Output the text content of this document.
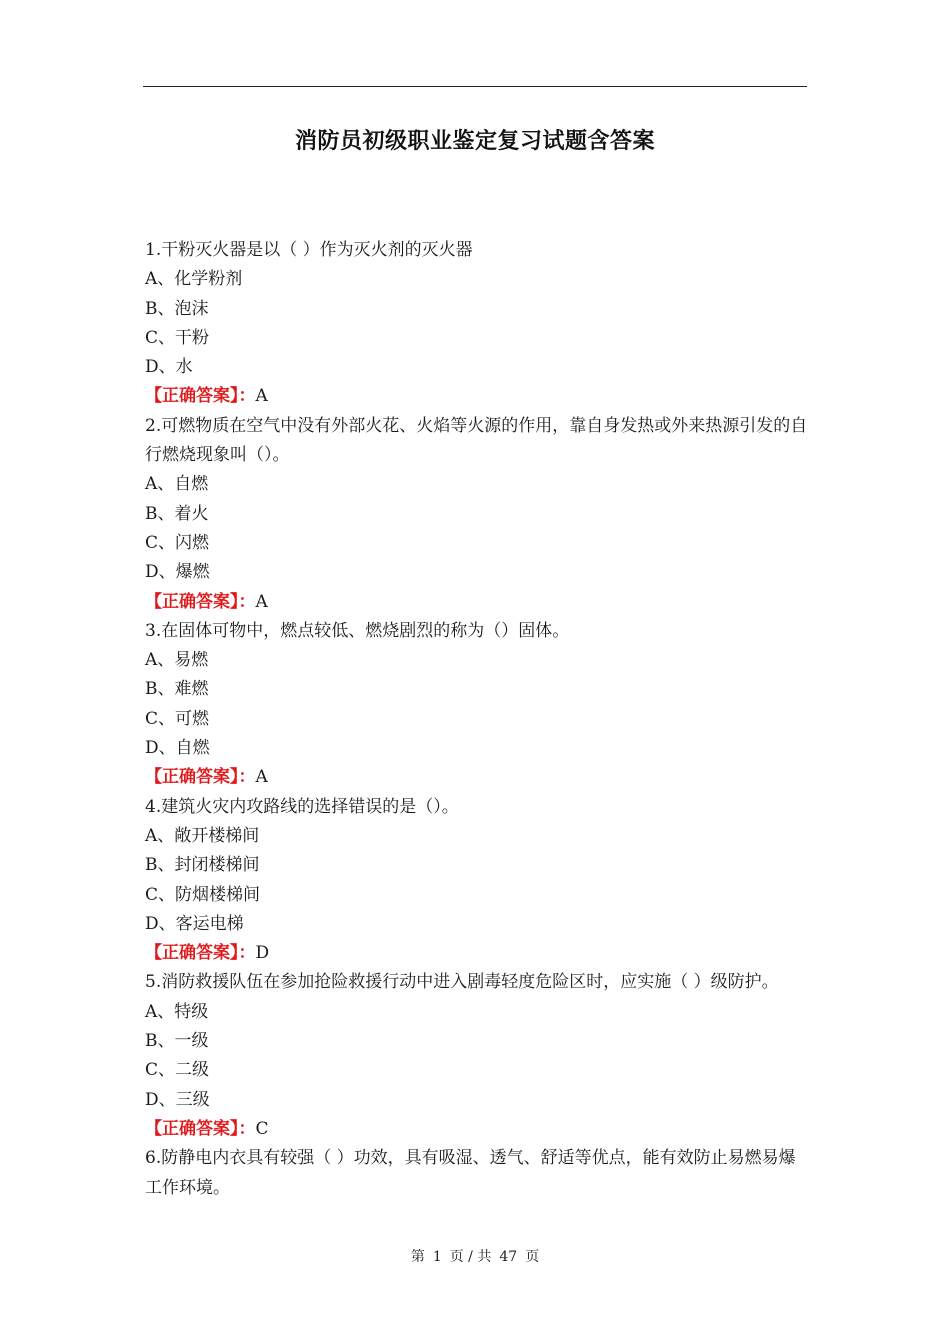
消防员初级职业鉴定复习试题含答案

1.干粉灭火器是以（ ）作为灭火剂的灭火器

A、化学粉剂

B、泡沫

C、干粉

D、水

【正确答案】：A

2.可燃物质在空气中没有外部火花、火焰等火源的作用，靠自身发热或外来热源引发的自行燃烧现象叫（）。

A、自燃

B、着火

C、闪燃

D、爆燃

【正确答案】：A

3.在固体可物中，燃点较低、燃烧剧烈的称为（）固体。

A、易燃

B、难燃

C、可燃

D、自燃

【正确答案】：A

4.建筑火灾内攻路线的选择错误的是（）。

A、敞开楼梯间

B、封闭楼梯间

C、防烟楼梯间

D、客运电梯

【正确答案】：D

5.消防救援队伍在参加抢险救援行动中进入剧毒轻度危险区时，应实施（ ）级防护。

A、特级

B、一级

C、二级

D、三级

【正确答案】：C

6.防静电内衣具有较强（ ）功效，具有吸湿、透气、舒适等优点，能有效防止易燃易爆工作环境。

第 1 页 / 共 47 页
